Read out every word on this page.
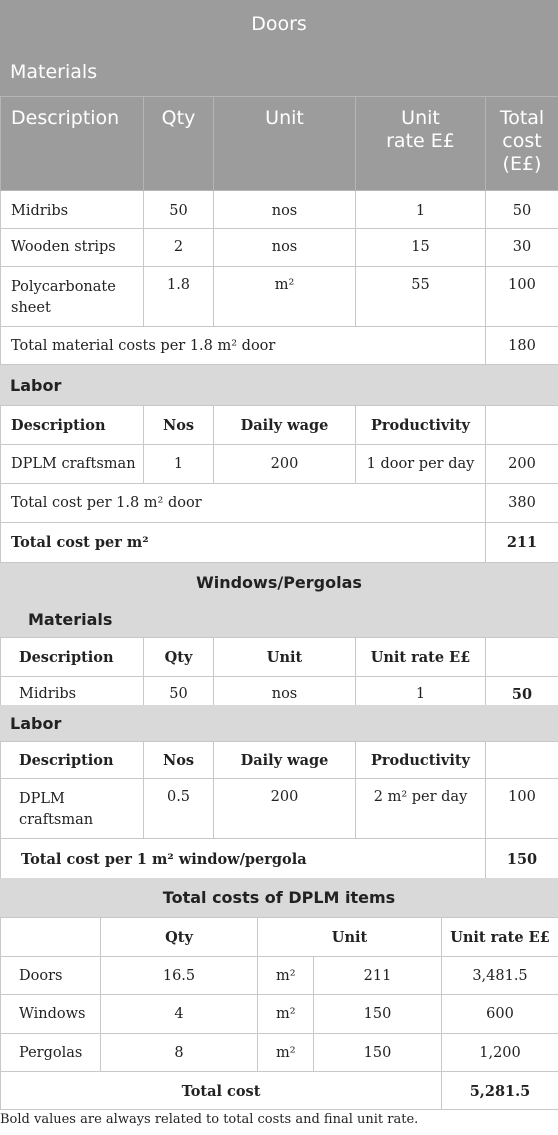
Doors
Materials
Description	Qty	Unit	Unit rate E£	Total cost (E£)
Midribs	50	nos	1	50
Wooden strips	2	nos	15	30
Polycarbonate sheet	1.8	m²	55	100
Total material costs per 1.8 m² door				180
Labor
Description	Nos	Daily wage	Productivity	
DPLM craftsman	1	200	1 door per day	200
Total cost per 1.8 m² door				380
Total cost per m²				211
Windows/Pergolas
Materials
Description	Qty	Unit	Unit rate E£	
Midribs	50	nos	1	50
Labor
Description	Nos	Daily wage	Productivity	
DPLM craftsman	0.5	200	2 m² per day	100
Total cost per 1 m² window/pergola				150
Total costs of DPLM items
	Qty	Unit		Unit rate E£
Doors	16.5	m²	211	3,481.5
Windows	4	m²	150	600
Pergolas	8	m²	150	1,200
Total cost				5,281.5
Bold values are always related to total costs and final unit rate.
